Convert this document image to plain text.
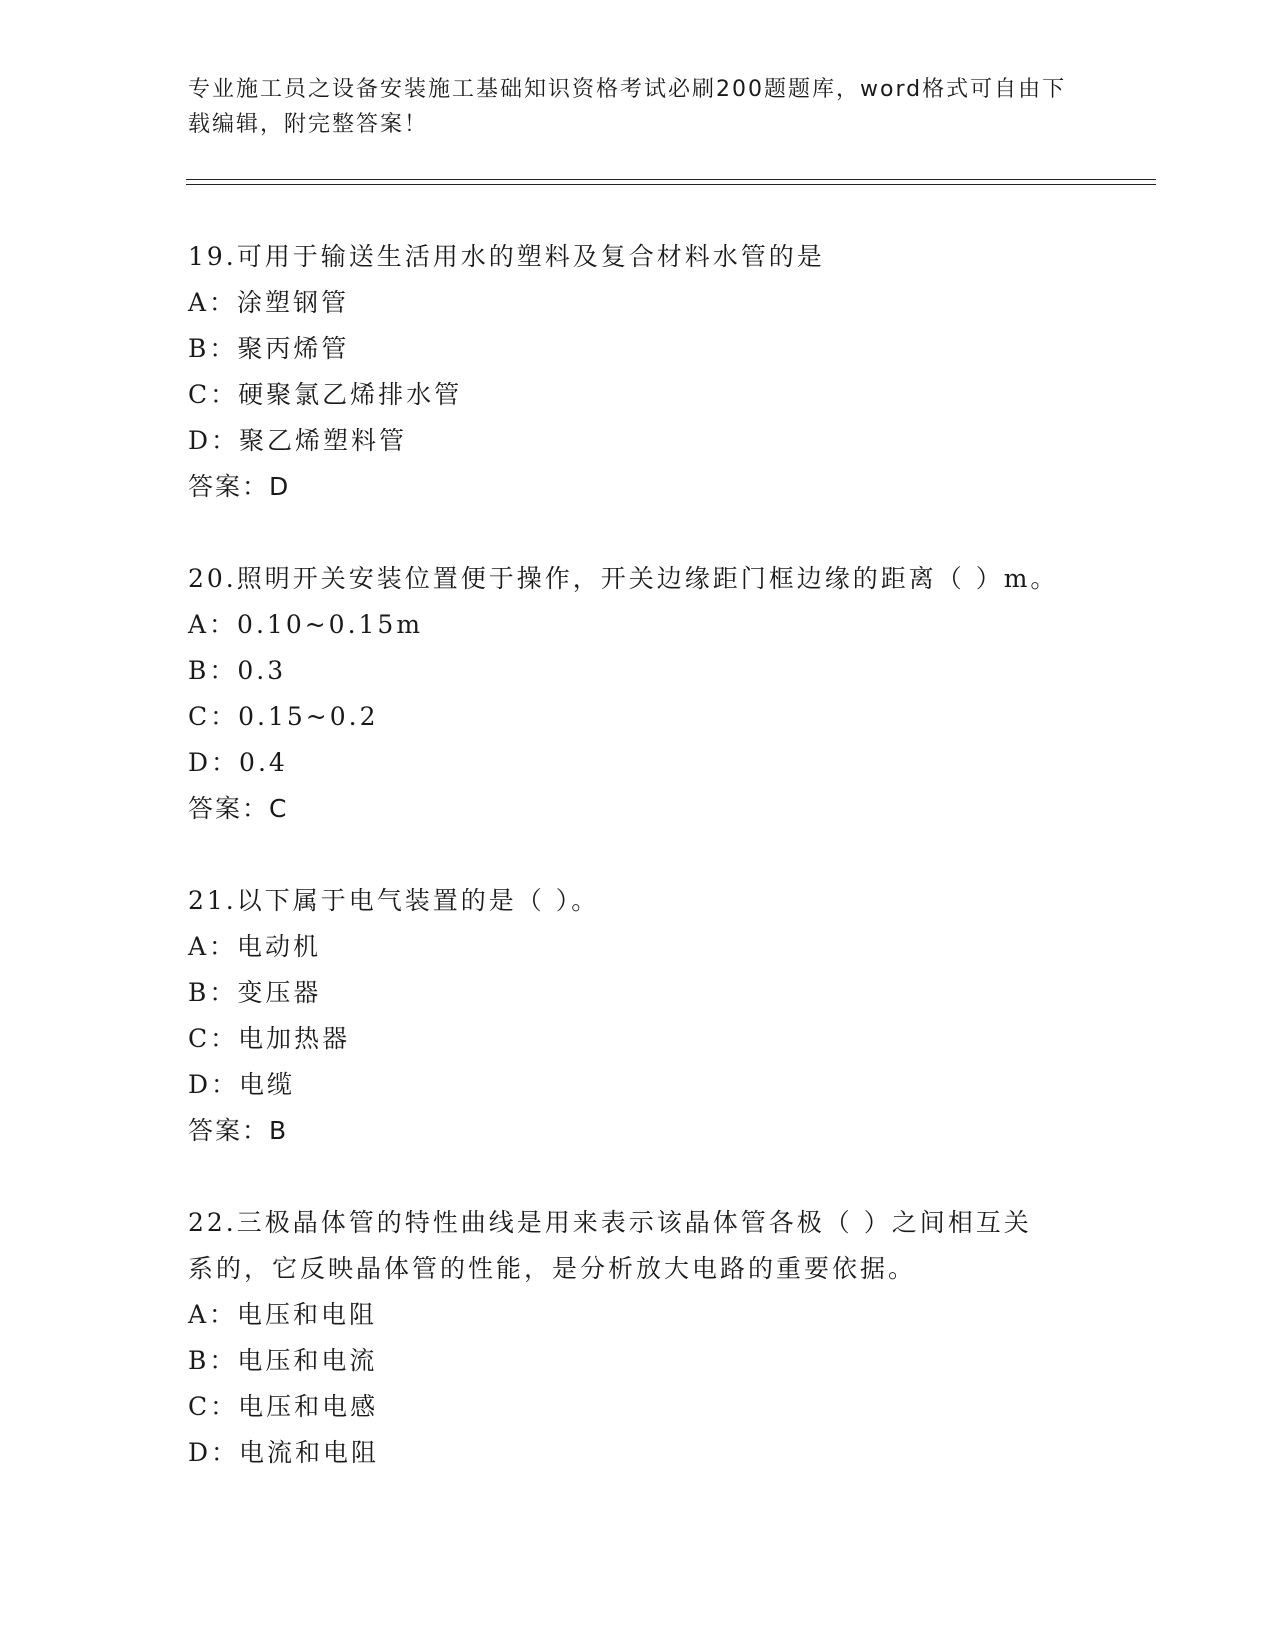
专业施工员之设备安装施工基础知识资格考试必刷200题题库，word格式可自由下载编辑，附完整答案！
19.可用于输送生活用水的塑料及复合材料水管的是
A：涂塑钢管
B：聚丙烯管
C：硬聚氯乙烯排水管
D：聚乙烯塑料管
答案：D
20.照明开关安装位置便于操作，开关边缘距门框边缘的距离（ ）m。
A：0.10~0.15m
B：0.3
C：0.15~0.2
D：0.4
答案：C
21.以下属于电气装置的是（ ）。
A：电动机
B：变压器
C：电加热器
D：电缆
答案：B
22.三极晶体管的特性曲线是用来表示该晶体管各极（ ）之间相互关
系的，它反映晶体管的性能，是分析放大电路的重要依据。
A：电压和电阻
B：电压和电流
C：电压和电感
D：电流和电阻
